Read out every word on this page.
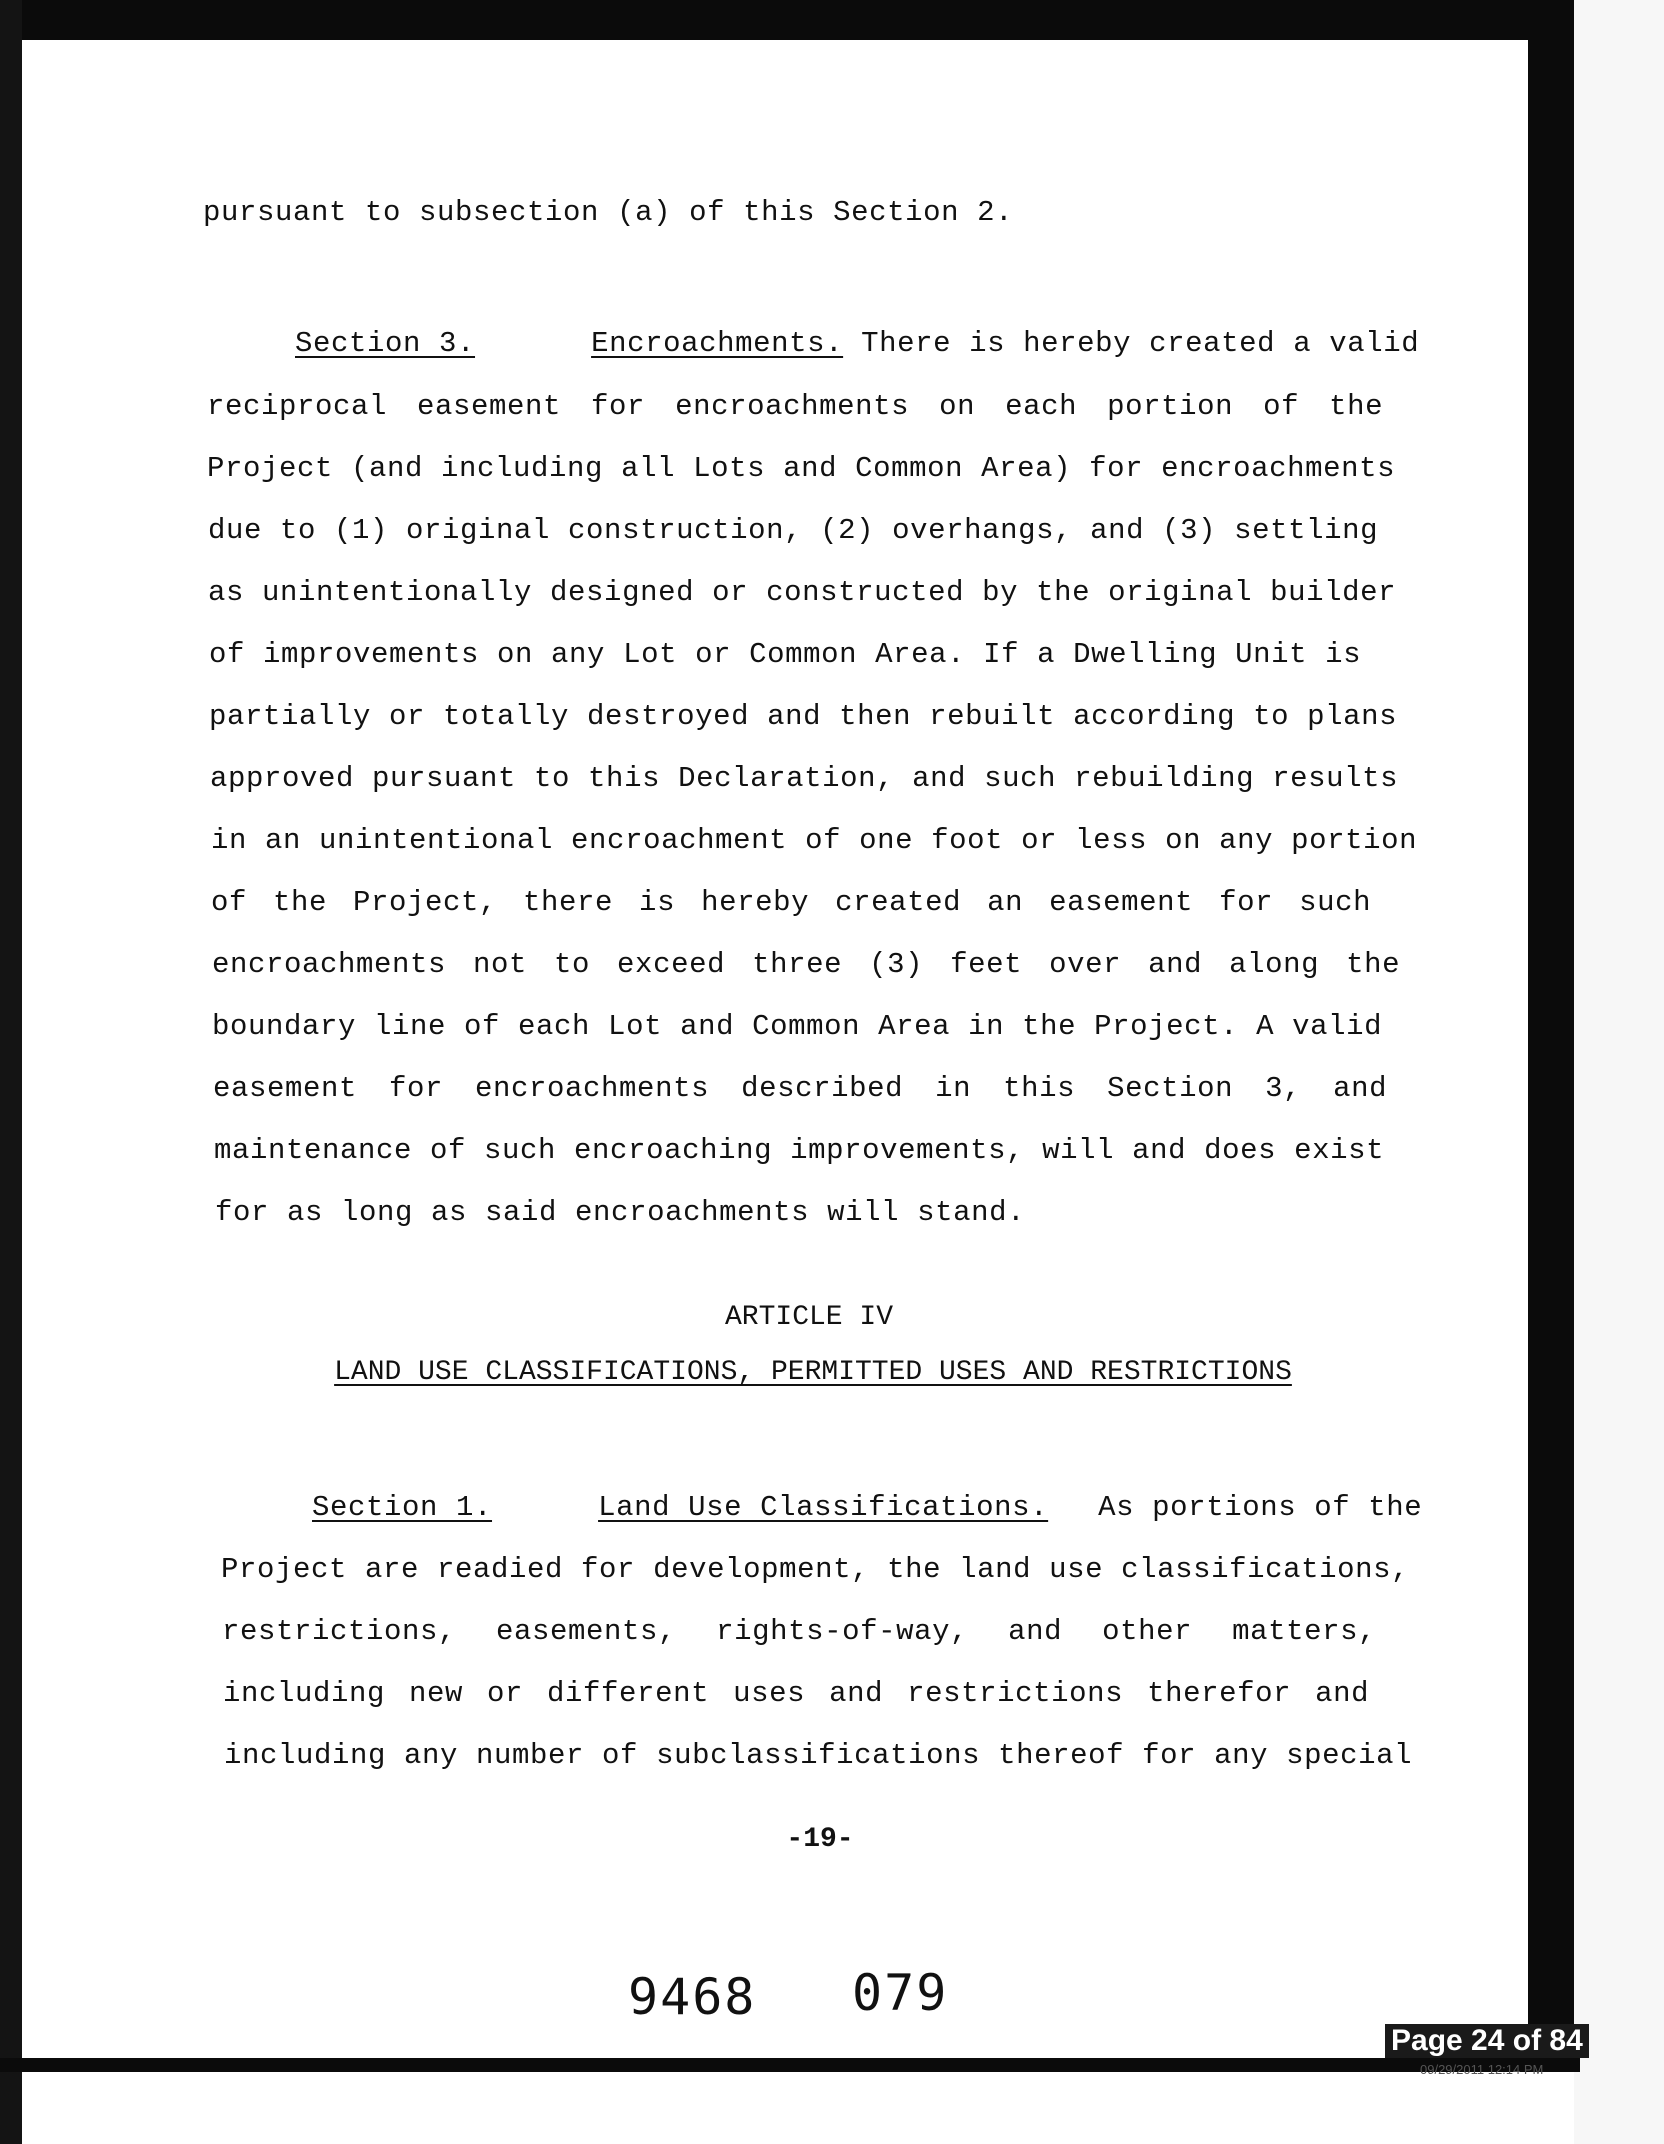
pursuant to subsection (a) of this Section 2.
Section 3.	Encroachments. There is hereby created a valid
reciprocal easement for encroachments on each portion of the
Project (and including all Lots and Common Area) for encroachments
due to (1) original construction, (2) overhangs, and (3) settling
as unintentionally designed or constructed by the original builder
of improvements on any Lot or Common Area. If a Dwelling Unit is
partially or totally destroyed and then rebuilt according to plans
approved pursuant to this Declaration, and such rebuilding results
in an unintentional encroachment of one foot or less on any portion
of the Project, there is hereby created an easement for such
encroachments not to exceed three (3) feet over and along the
boundary line of each Lot and Common Area in the Project. A valid
easement for encroachments described in this Section 3, and
maintenance of such encroaching improvements, will and does exist
for as long as said encroachments will stand.
ARTICLE IV
LAND USE CLASSIFICATIONS, PERMITTED USES AND RESTRICTIONS
Section 1.	Land Use Classifications. As portions of the
Project are readied for development, the land use classifications,
restrictions, easements, rights-of-way, and other matters,
including new or different uses and restrictions therefor and
including any number of subclassifications thereof for any special
-19-
9468 079
Page 24 of 84
09/29/2011 12:14 PM
